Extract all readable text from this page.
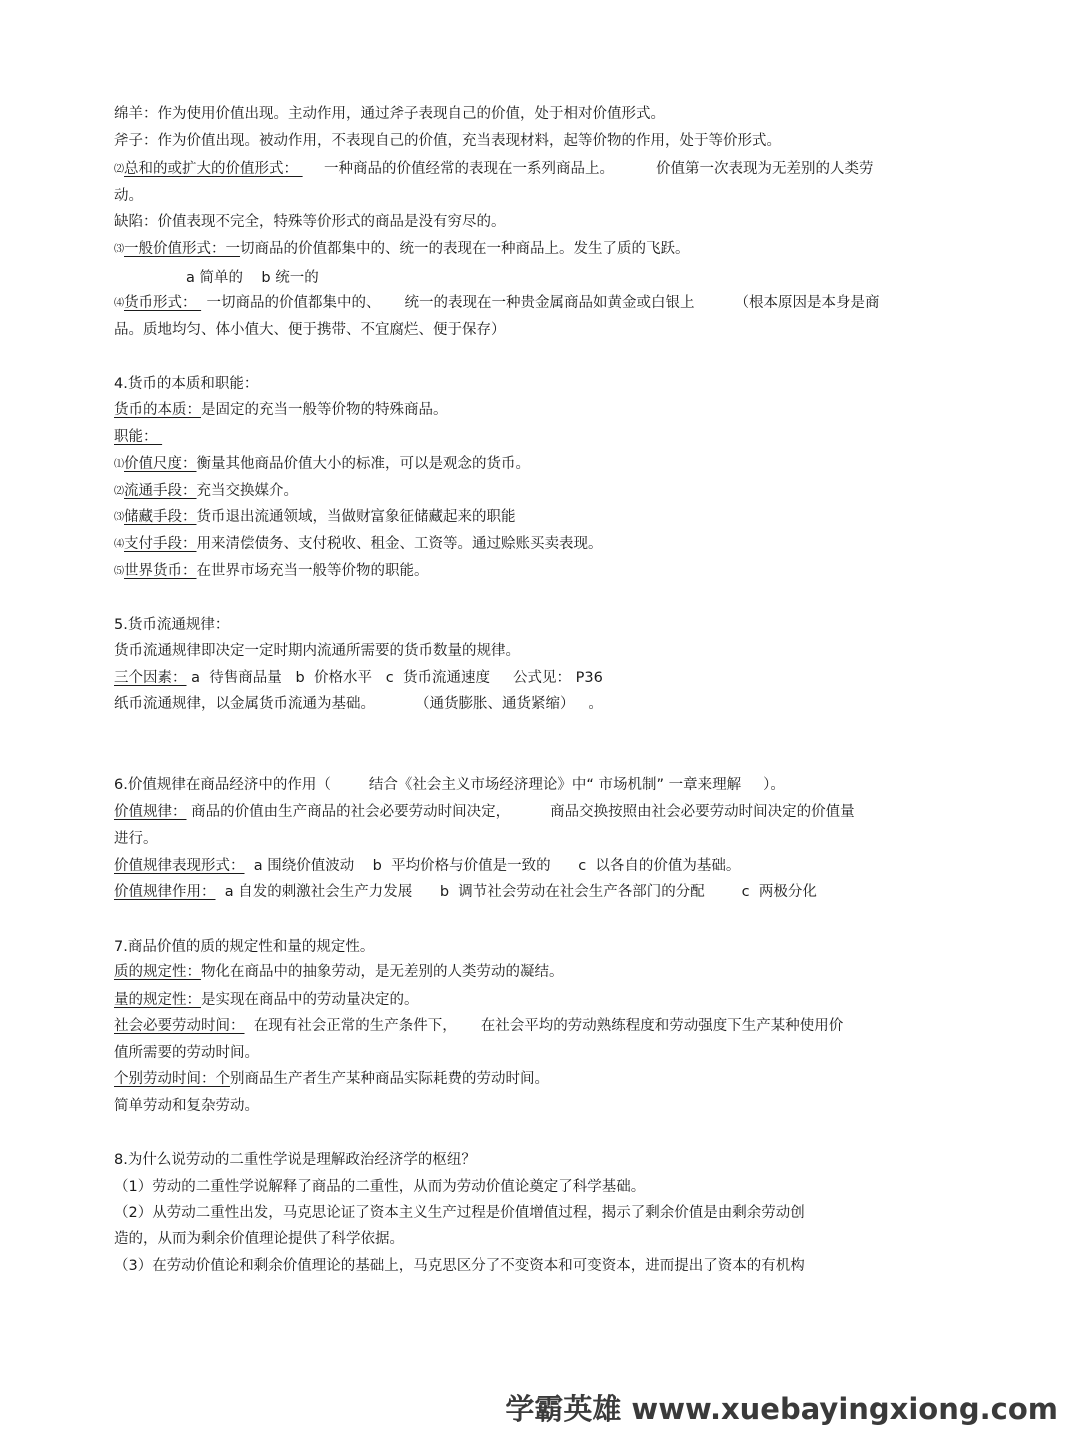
绵羊：作为使用价值出现。主动作用，通过斧子表现自己的价值，处于相对价值形式。
斧子：作为价值出现。被动作用，不表现自己的价值，充当表现材料，起等价物的作用，处于等价形式。
⑵总和的或扩大的价值形式： 一种商品的价值经常的表现在一系列商品上。	价值第一次表现为无差别的人类劳
动。
缺陷：价值表现不完全，特殊等价形式的商品是没有穷尽的。
⑶一般价值形式：一切商品的价值都集中的、统一的表现在一种商品上。发生了质的飞跃。
a 简单的    b 统一的
⑷货币形式： 一切商品的价值都集中的、 统一的表现在一种贵金属商品如黄金或白银上	（根本原因是本身是商
品。质地均匀、体小值大、便于携带、不宜腐烂、便于保存）
4.货币的本质和职能：
货币的本质：是固定的充当一般等价物的特殊商品。
职能：
⑴价值尺度：衡量其他商品价值大小的标准，可以是观念的货币。
⑵流通手段：充当交换媒介。
⑶储藏手段：货币退出流通领域，当做财富象征储藏起来的职能
⑷支付手段：用来清偿债务、支付税收、租金、工资等。通过赊账买卖表现。
⑸世界货币：在世界市场充当一般等价物的职能。
5.货币流通规律：
货币流通规律即决定一定时期内流通所需要的货币数量的规律。
三个因素： a  待售商品量   b  价格水平   c  货币流通速度     公式见： P36
纸币流通规律，以金属货币流通为基础。	（通货膨胀、通货紧缩）   。
6.价值规律在商品经济中的作用（	结合《社会主义市场经济理论》中“ 市场机制” 一章来理解 ）。
价值规律： 商品的价值由生产商品的社会必要劳动时间决定，	商品交换按照由社会必要劳动时间决定的价值量
进行。
价值规律表现形式：  a 围绕价值波动    b  平均价格与价值是一致的      c  以各自的价值为基础。
价值规律作用：  a 自发的刺激社会生产力发展      b  调节社会劳动在社会生产各部门的分配        c  两极分化
7.商品价值的质的规定性和量的规定性。
质的规定性：物化在商品中的抽象劳动，是无差别的人类劳动的凝结。
量的规定性：是实现在商品中的劳动量决定的。
社会必要劳动时间：  在现有社会正常的生产条件下， 在社会平均的劳动熟练程度和劳动强度下生产某种使用价
值所需要的劳动时间。
个别劳动时间：个别商品生产者生产某种商品实际耗费的劳动时间。
简单劳动和复杂劳动。
8.为什么说劳动的二重性学说是理解政治经济学的枢纽？
（1）劳动的二重性学说解释了商品的二重性，从而为劳动价值论奠定了科学基础。
（2）从劳动二重性出发，马克思论证了资本主义生产过程是价值增值过程，揭示了剩余价值是由剩余劳动创
造的，从而为剩余价值理论提供了科学依据。
（3）在劳动价值论和剩余价值理论的基础上，马克思区分了不变资本和可变资本，进而提出了资本的有机构
学霸英雄 www.xuebayingxiong.com
